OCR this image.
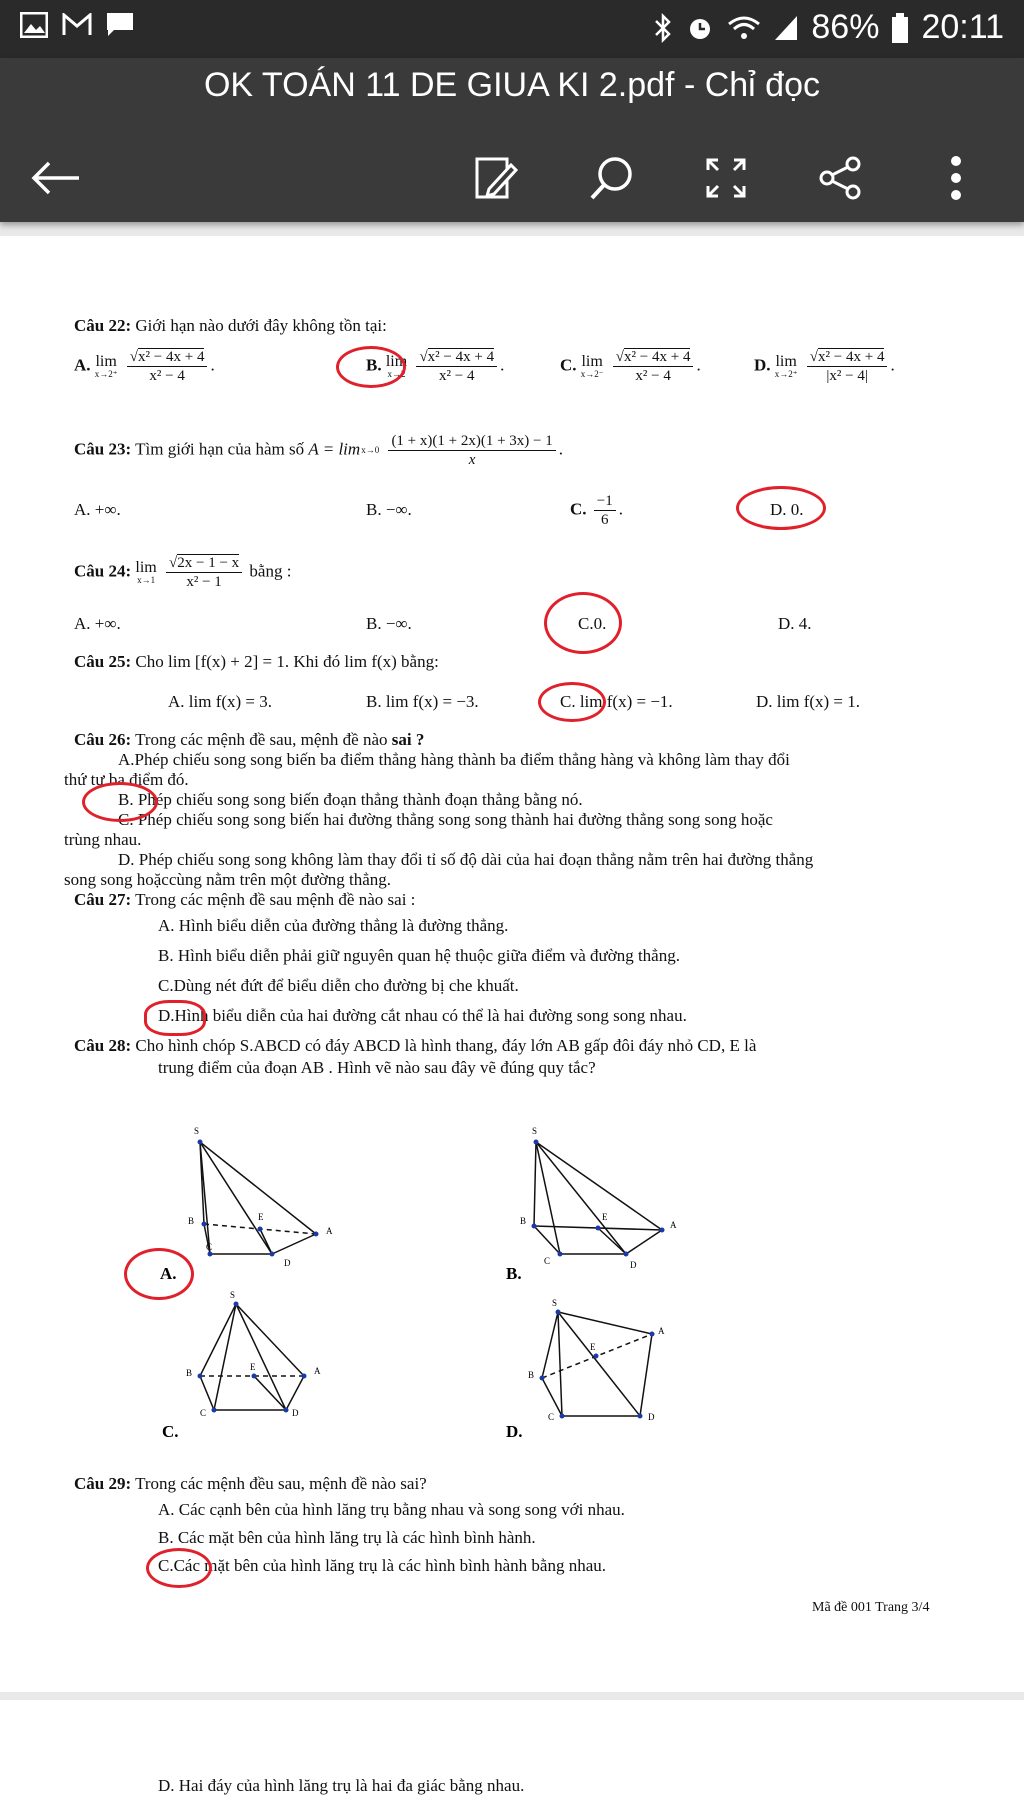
86% 20:11
OK TOÁN 11 DE GIUA KI 2.pdf - Chỉ đọc
Câu 22: Giới hạn nào dưới đây không tồn tại:
A. lim
x→2⁺
$\frac{\text{√x² − 4x + 4}}{\text{x² − 4}}$ .	B. lim
x→2
$\frac{\text{√x² − 4x + 4}}{\text{x² − 4}}$ .	C. lim
x→2⁻
$\frac{\text{√x² − 4x + 4}}{\text{x² − 4}}$ .	D. lim
x→2⁺
$\frac{\text{√x² − 4x + 4}}{\text{|x² − 4|}}$ .
Câu 23: Tìm giới hạn của hàm số A = lim x→0
$\frac{(1 + x)(1 + 2x)(1 + 3x) - 1}{x}$ .
A. +∞.	B. −∞.	C. $\frac{-1}{6}$ .	D. 0.
Câu 24: lim
x→1
$\frac{√2x - 1 - x}{\text{x² − 1}}$ bằng :
A. +∞.	B. −∞.	C.0.	D. 4.
Câu 25: Cho lim [f(x) + 2] = 1. Khi đó lim f(x) bằng:
A. lim f(x) = 3.	B. lim f(x) = −3.	C. lim f(x) = −1.	D. lim f(x) = 1.
Câu 26: Trong các mệnh đề sau, mệnh đề nào sai ?
A.Phép chiếu song song biến ba điểm thẳng hàng thành ba điểm thẳng hàng và không làm thay đổi
thứ tự ba điểm đó.
B. Phép chiếu song song biến đoạn thẳng thành đoạn thẳng bằng nó.
C. Phép chiếu song song biến hai đường thẳng song song thành hai đường thẳng song song hoặc
trùng nhau.
D. Phép chiếu song song không làm thay đổi tỉ số độ dài của hai đoạn thẳng nằm trên hai đường thẳng
song song hoặccùng nằm trên một đường thẳng.
Câu 27: Trong các mệnh đề sau mệnh đề nào sai :
A. Hình biểu diễn của đường thẳng là đường thẳng.
B. Hình biểu diễn phải giữ nguyên quan hệ thuộc giữa điểm và đường thẳng.
C.Dùng nét đứt để biểu diễn cho đường bị che khuất.
D.Hình biểu diễn của hai đường cắt nhau có thể là hai đường song song nhau.
Câu 28: Cho hình chóp S.ABCD có đáy ABCD là hình thang, đáy lớn AB gấp đôi đáy nhỏ CD, E là
trung điểm của đoạn AB . Hình vẽ nào sau đây vẽ đúng quy tắc?
S
B	E
A
C
D
A.
S
B	E
A
C	D
B.
S
B
E	A
C	D
C.
S
B
E
A
C	D
D.
Câu 29: Trong các mệnh đều sau, mệnh đề nào sai?
A. Các cạnh bên của hình lăng trụ bằng nhau và song song với nhau.
B. Các mặt bên của hình lăng trụ là các hình bình hành.
C.Các mặt bên của hình lăng trụ là các hình bình hành bằng nhau.
Mã đề 001 Trang 3/4
D. Hai đáy của hình lăng trụ là hai đa giác bằng nhau.
